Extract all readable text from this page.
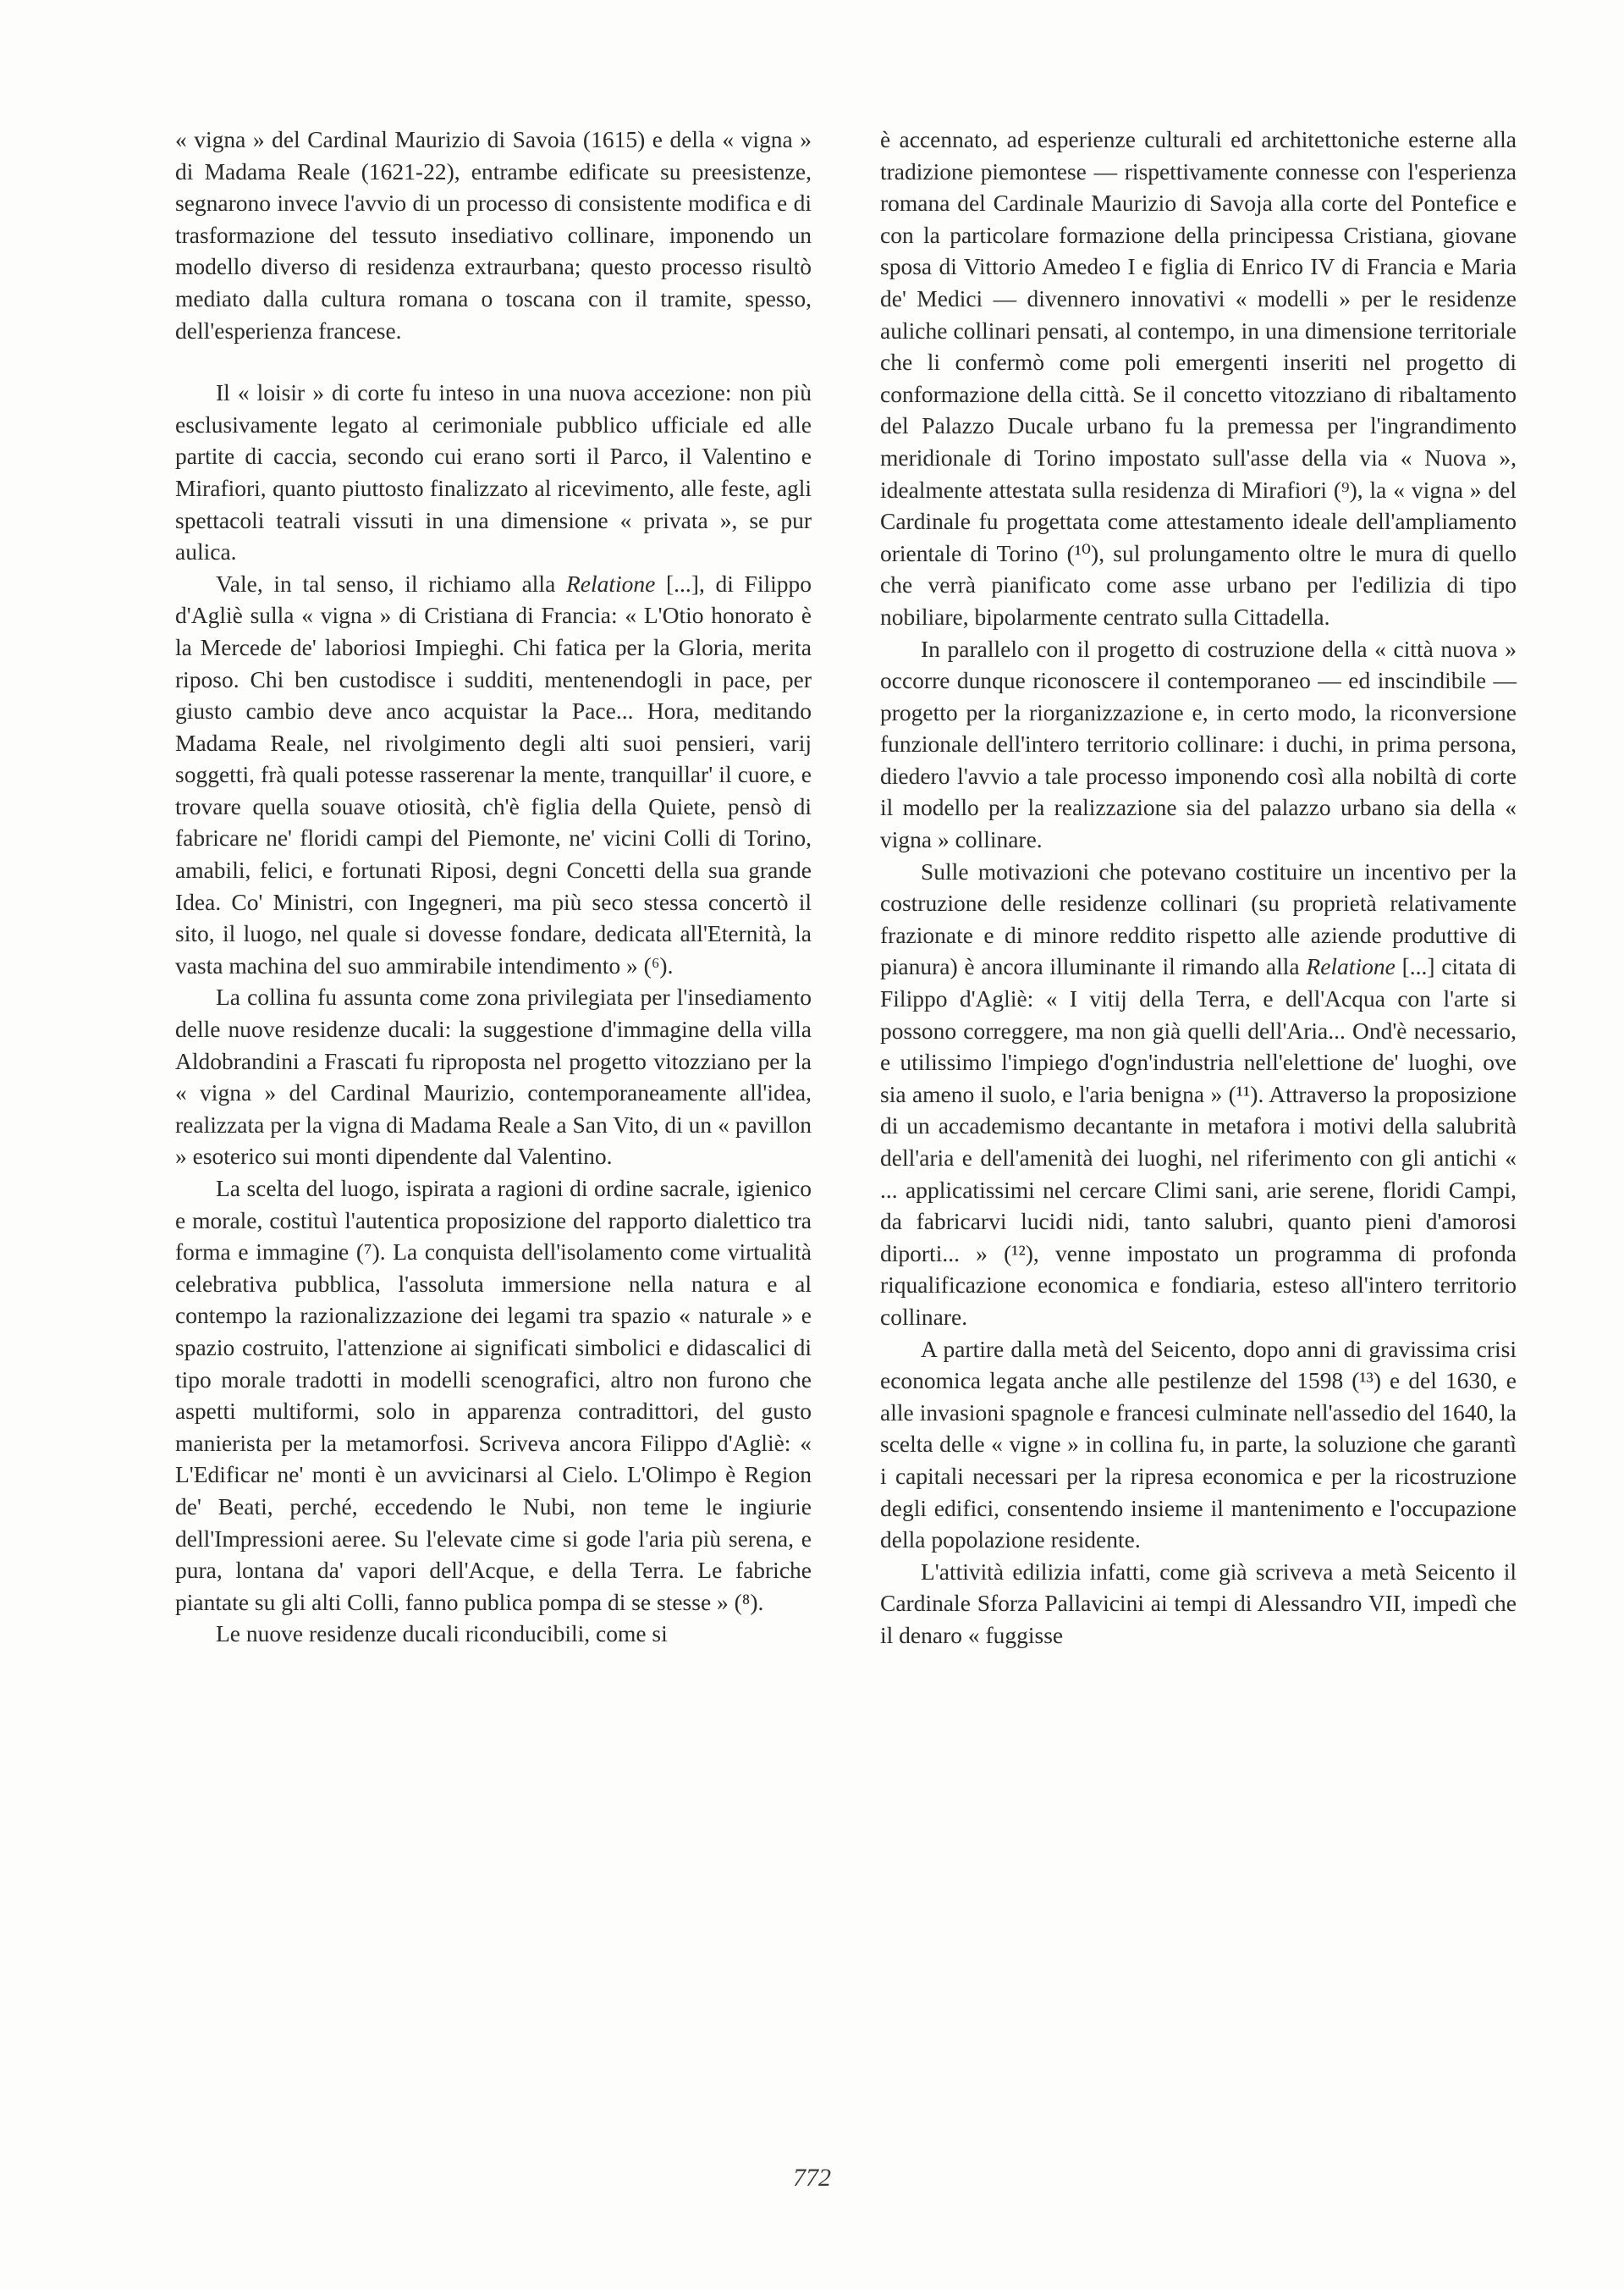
« vigna » del Cardinal Maurizio di Savoia (1615) e della « vigna » di Madama Reale (1621-22), entrambe edificate su preesistenze, segnarono invece l'avvio di un processo di consistente modifica e di trasformazione del tessuto insediativo collinare, imponendo un modello diverso di residenza extraurbana; questo processo risultò mediato dalla cultura romana o toscana con il tramite, spesso, dell'esperienza francese.

Il « loisir » di corte fu inteso in una nuova accezione: non più esclusivamente legato al cerimoniale pubblico ufficiale ed alle partite di caccia, secondo cui erano sorti il Parco, il Valentino e Mirafiori, quanto piuttosto finalizzato al ricevimento, alle feste, agli spettacoli teatrali vissuti in una dimensione « privata », se pur aulica.

Vale, in tal senso, il richiamo alla Relatione [...], di Filippo d'Agliè sulla « vigna » di Cristiana di Francia: « L'Otio honorato è la Mercede de' laboriosi Impieghi. Chi fatica per la Gloria, merita riposo. Chi ben custodisce i sudditi, mentenendogli in pace, per giusto cambio deve anco acquistar la Pace... Hora, meditando Madama Reale, nel rivolgimento degli alti suoi pensieri, varij soggetti, frà quali potesse rasserenar la mente, tranquillar' il cuore, e trovare quella souave otiosità, ch'è figlia della Quiete, pensò di fabricare ne' floridi campi del Piemonte, ne' vicini Colli di Torino, amabili, felici, e fortunati Riposi, degni Concetti della sua grande Idea. Co' Ministri, con Ingegneri, ma più seco stessa concertò il sito, il luogo, nel quale si dovesse fondare, dedicata all'Eternità, la vasta machina del suo ammirabile intendimento » (⁶).

La collina fu assunta come zona privilegiata per l'insediamento delle nuove residenze ducali: la suggestione d'immagine della villa Aldobrandini a Frascati fu riproposta nel progetto vitozziano per la « vigna » del Cardinal Maurizio, contemporaneamente all'idea, realizzata per la vigna di Madama Reale a San Vito, di un « pavillon » esoterico sui monti dipendente dal Valentino.

La scelta del luogo, ispirata a ragioni di ordine sacrale, igienico e morale, costituì l'autentica proposizione del rapporto dialettico tra forma e immagine (⁷). La conquista dell'isolamento come virtualità celebrativa pubblica, l'assoluta immersione nella natura e al contempo la razionalizzazione dei legami tra spazio « naturale » e spazio costruito, l'attenzione ai significati simbolici e didascalici di tipo morale tradotti in modelli scenografici, altro non furono che aspetti multiformi, solo in apparenza contradittori, del gusto manierista per la metamorfosi. Scriveva ancora Filippo d'Agliè: « L'Edificar ne' monti è un avvicinarsi al Cielo. L'Olimpo è Region de' Beati, perché, eccedendo le Nubi, non teme le ingiurie dell'Impressioni aeree. Su l'elevate cime si gode l'aria più serena, e pura, lontana da' vapori dell'Acque, e della Terra. Le fabriche piantate su gli alti Colli, fanno publica pompa di se stesse » (⁸).

Le nuove residenze ducali riconducibili, come si

è accennato, ad esperienze culturali ed architettoniche esterne alla tradizione piemontese — rispettivamente connesse con l'esperienza romana del Cardinale Maurizio di Savoja alla corte del Pontefice e con la particolare formazione della principessa Cristiana, giovane sposa di Vittorio Amedeo I e figlia di Enrico IV di Francia e Maria de' Medici — divennero innovativi « modelli » per le residenze auliche collinari pensati, al contempo, in una dimensione territoriale che li confermò come poli emergenti inseriti nel progetto di conformazione della città. Se il concetto vitozziano di ribaltamento del Palazzo Ducale urbano fu la premessa per l'ingrandimento meridionale di Torino impostato sull'asse della via « Nuova », idealmente attestata sulla residenza di Mirafiori (⁹), la « vigna » del Cardinale fu progettata come attestamento ideale dell'ampliamento orientale di Torino (¹⁰), sul prolungamento oltre le mura di quello che verrà pianificato come asse urbano per l'edilizia di tipo nobiliare, bipolarmente centrato sulla Cittadella.

In parallelo con il progetto di costruzione della « città nuova » occorre dunque riconoscere il contemporaneo — ed inscindibile — progetto per la riorganizzazione e, in certo modo, la riconversione funzionale dell'intero territorio collinare: i duchi, in prima persona, diedero l'avvio a tale processo imponendo così alla nobiltà di corte il modello per la realizzazione sia del palazzo urbano sia della « vigna » collinare.

Sulle motivazioni che potevano costituire un incentivo per la costruzione delle residenze collinari (su proprietà relativamente frazionate e di minore reddito rispetto alle aziende produttive di pianura) è ancora illuminante il rimando alla Relatione [...] citata di Filippo d'Agliè: « I vitij della Terra, e dell'Acqua con l'arte si possono correggere, ma non già quelli dell'Aria... Ond'è necessario, e utilissimo l'impiego d'ogn'industria nell'elettione de' luoghi, ove sia ameno il suolo, e l'aria benigna » (¹¹). Attraverso la proposizione di un accademismo decantante in metafora i motivi della salubrità dell'aria e dell'amenità dei luoghi, nel riferimento con gli antichi « ... applicatissimi nel cercare Climi sani, arie serene, floridi Campi, da fabricarvi lucidi nidi, tanto salubri, quanto pieni d'amorosi diporti... » (¹²), venne impostato un programma di profonda riqualificazione economica e fondiaria, esteso all'intero territorio collinare.

A partire dalla metà del Seicento, dopo anni di gravissima crisi economica legata anche alle pestilenze del 1598 (¹³) e del 1630, e alle invasioni spagnole e francesi culminate nell'assedio del 1640, la scelta delle « vigne » in collina fu, in parte, la soluzione che garantì i capitali necessari per la ripresa economica e per la ricostruzione degli edifici, consentendo insieme il mantenimento e l'occupazione della popolazione residente.

L'attività edilizia infatti, come già scriveva a metà Seicento il Cardinale Sforza Pallavicini ai tempi di Alessandro VII, impedì che il denaro « fuggisse

772
